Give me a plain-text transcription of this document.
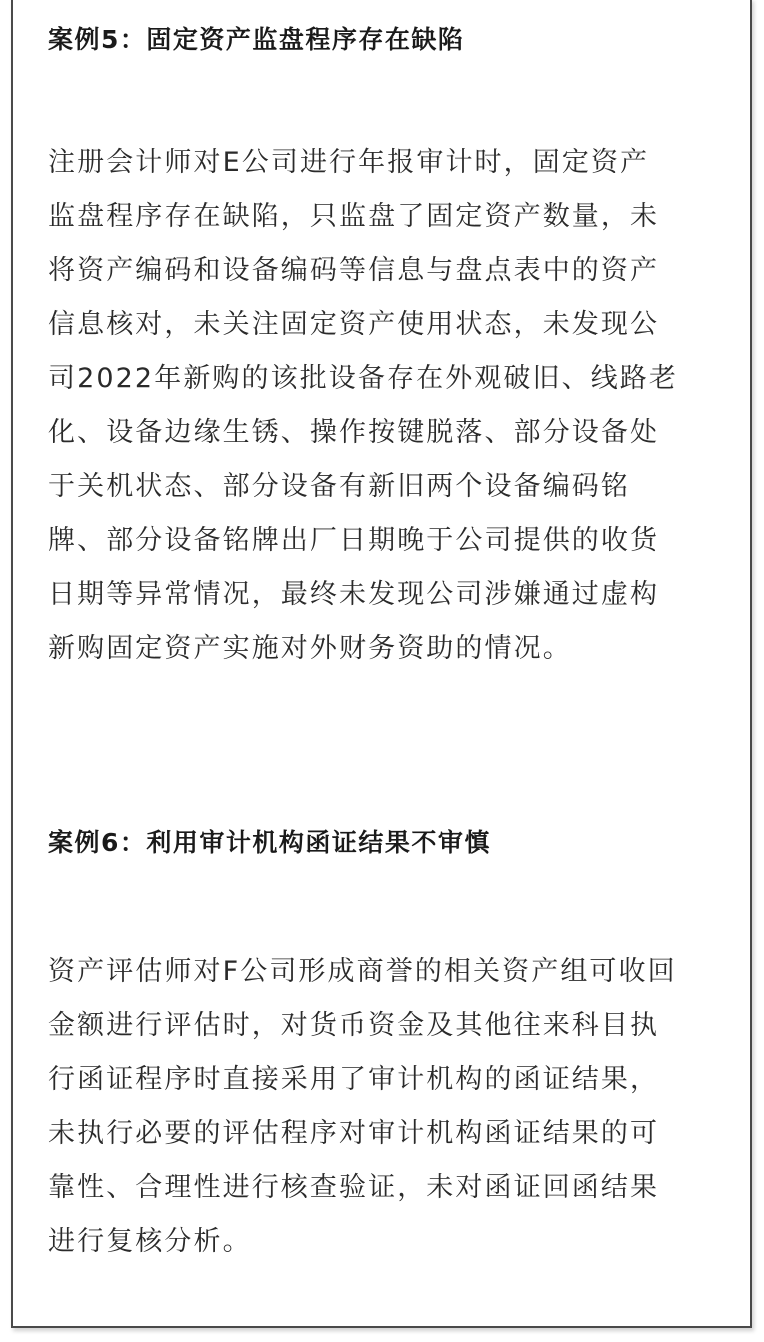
案例5：固定资产监盘程序存在缺陷
注册会计师对E公司进行年报审计时，固定资产
监盘程序存在缺陷，只监盘了固定资产数量，未
将资产编码和设备编码等信息与盘点表中的资产
信息核对，未关注固定资产使用状态，未发现公
司2022年新购的该批设备存在外观破旧、线路老
化、设备边缘生锈、操作按键脱落、部分设备处
于关机状态、部分设备有新旧两个设备编码铭
牌、部分设备铭牌出厂日期晚于公司提供的收货
日期等异常情况，最终未发现公司涉嫌通过虚构
新购固定资产实施对外财务资助的情况。
案例6：利用审计机构函证结果不审慎
资产评估师对F公司形成商誉的相关资产组可收回
金额进行评估时，对货币资金及其他往来科目执
行函证程序时直接采用了审计机构的函证结果，
未执行必要的评估程序对审计机构函证结果的可
靠性、合理性进行核查验证，未对函证回函结果
进行复核分析。
